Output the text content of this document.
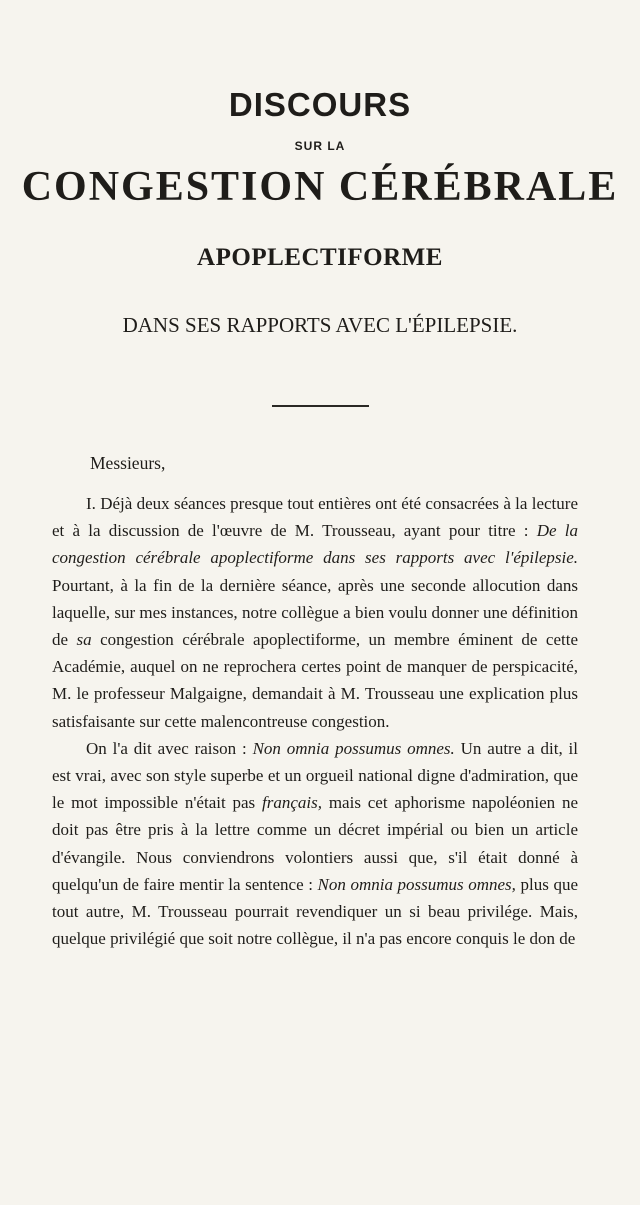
DISCOURS
SUR LA
CONGESTION CÉRÉBRALE
APOPLECTIFORME
DANS SES RAPPORTS AVEC L'ÉPILEPSIE.

Messieurs,

I. Déjà deux séances presque tout entières ont été consacrées à la lecture et à la discussion de l'œuvre de M. Trousseau, ayant pour titre : De la congestion cérébrale apoplectiforme dans ses rapports avec l'épilepsie. Pourtant, à la fin de la dernière séance, après une seconde allocution dans laquelle, sur mes instances, notre collègue a bien voulu donner une définition de sa congestion cérébrale apoplectiforme, un membre éminent de cette Académie, auquel on ne reprochera certes point de manquer de perspicacité, M. le professeur Malgaigne, demandait à M. Trousseau une explication plus satisfaisante sur cette malencontreuse congestion.

On l'a dit avec raison : Non omnia possumus omnes. Un autre a dit, il est vrai, avec son style superbe et un orgueil national digne d'admiration, que le mot impossible n'était pas français, mais cet aphorisme napoléonien ne doit pas être pris à la lettre comme un décret impérial ou bien un article d'évangile. Nous conviendrons volontiers aussi que, s'il était donné à quelqu'un de faire mentir la sentence : Non omnia possumus omnes, plus que tout autre, M. Trousseau pourrait revendiquer un si beau privilége. Mais, quelque privilégié que soit notre collègue, il n'a pas encore conquis le don de
